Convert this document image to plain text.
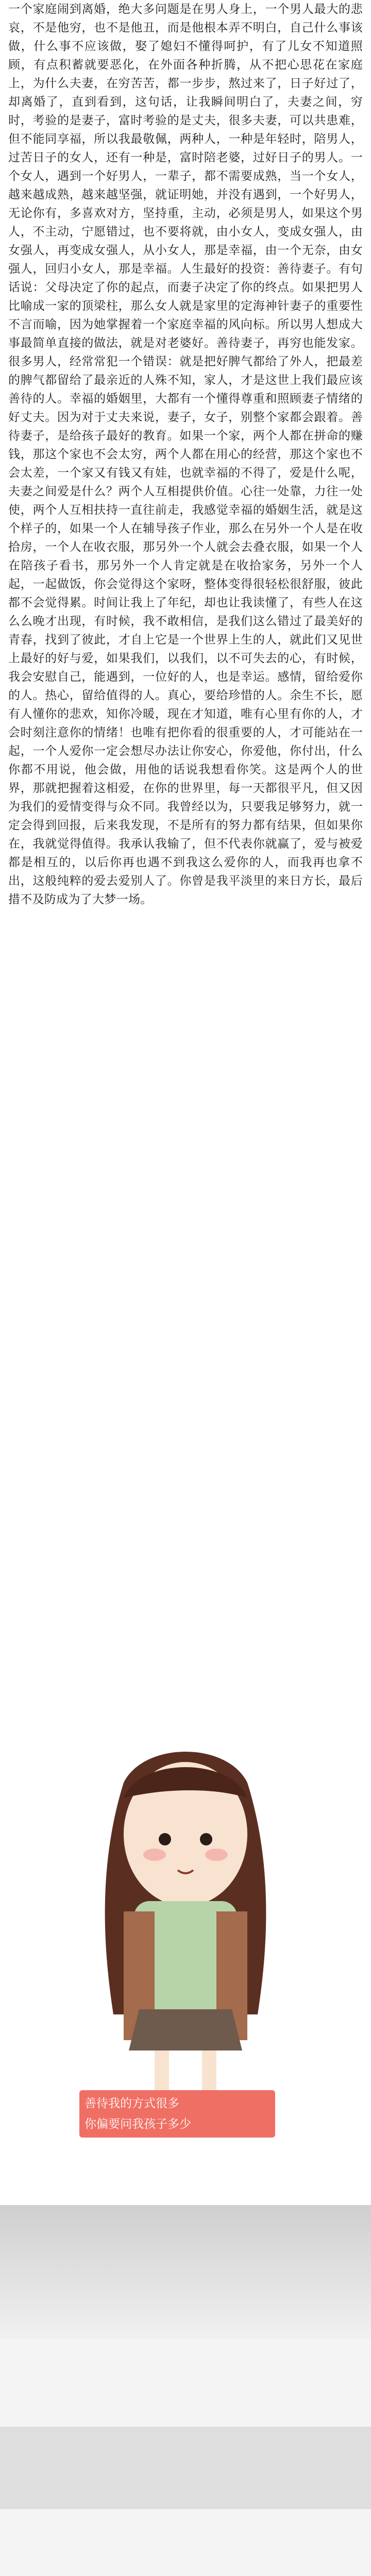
一个家庭闹到离婚，绝大多问题是在男人身上，一个男人最大的悲哀，不是他穷，也不是他丑，而是他根本弄不明白，自己什么事该做，什么事不应该做，娶了媳妇不懂得呵护，有了儿女不知道照顾，有点积蓄就要恶化，在外面各种折腾，从不把心思花在家庭上，为什么夫妻，在穷苦苦，都一步步，熬过来了，日子好过了，却离婚了，直到看到，这句话，让我瞬间明白了，夫妻之间，穷时，考验的是妻子，富时考验的是丈夫，很多夫妻，可以共患难，但不能同享福，所以我最敬佩，两种人，一种是年轻时，陪男人，过苦日子的女人，还有一种是，富时陪老婆，过好日子的男人。一个女人，遇到一个好男人，一辈子，都不需要成熟，当一个女人，越来越成熟，越来越坚强，就证明她，并没有遇到，一个好男人，无论你有，多喜欢对方，坚持重，主动，必须是男人，如果这个男人，不主动，宁愿错过，也不要将就，由小女人，变成女强人，由女强人，再变成女强人，从小女人，那是幸福，由一个无奈，由女强人，回归小女人，那是幸福。人生最好的投资：善待妻子。有句话说：父母决定了你的起点，而妻子决定了你的终点。如果把男人比喻成一家的顶梁柱，那么女人就是家里的定海神针妻子的重要性不言而喻，因为她掌握着一个家庭幸福的风向标。所以男人想成大事最简单直接的做法，就是对老婆好。善待妻子，再穷也能发家。很多男人，经常常犯一个错误：就是把好脾气都给了外人，把最差的脾气都留给了最亲近的人殊不知，家人，才是这世上我们最应该善待的人。幸福的婚姻里，大都有一个懂得尊重和照顾妻子情绪的好丈夫。因为对于丈夫来说，妻子，女子，别整个家都会跟着。善待妻子，是给孩子最好的教育。如果一个家，两个人都在拼命的赚钱，那这个家也不会太穷，两个人都在用心的经营，那这个家也不会太差，一个家又有钱又有娃，也就幸福的不得了，爱是什么呢，夫妻之间爱是什么？两个人互相提供价值。心往一处靠，力往一处使，两个人互相扶持一直往前走，我感觉幸福的婚姻生活，就是这个样子的，如果一个人在辅导孩子作业，那么在另外一个人是在收拾房，一个人在收衣服，那另外一个人就会去叠衣服，如果一个人在陪孩子看书，那另外一个人肯定就是在收拾家务，另外一个人起，一起做饭，你会觉得这个家呀，整体变得很轻松很舒服，彼此都不会觉得累。时间让我上了年纪，却也让我读懂了，有些人在这么么晚才出现，有时候，我不敢相信，是我们这么错过了最美好的青春，找到了彼此，才自上它是一个世界上生的人，就此们又见世上最好的好与爱，如果我们，以我们，以不可失去的心，有时候，我会安慰自己，能遇到，一位好的人，也是幸运。感情，留给爱你的人。热心，留给值得的人。真心，要给珍惜的人。余生不长，愿有人懂你的悲欢，知你冷暖，现在才知道，唯有心里有你的人，才会时刻注意你的情绪！也唯有把你看的很重要的人，才可能站在一起，一个人爱你一定会想尽办法让你安心，你爱他，你付出，什么你都不用说，他会做，用他的话说我想看你笑。这是两个人的世界，那就把握着这相爱，在你的世界里，每一天都很平凡，但又因为我们的爱情变得与众不同。我曾经以为，只要我足够努力，就一定会得到回报，后来我发现，不是所有的努力都有结果，但如果你在，我就觉得值得。我承认我输了，但不代表你就赢了，爱与被爱都是相互的，以后你再也遇不到我这么爱你的人，而我再也拿不出，这般纯粹的爱去爱别人了。你曾是我平淡里的来日方长，最后措不及防成为了大梦一场。

善待我的方式很多
你偏要问我孩子多少
